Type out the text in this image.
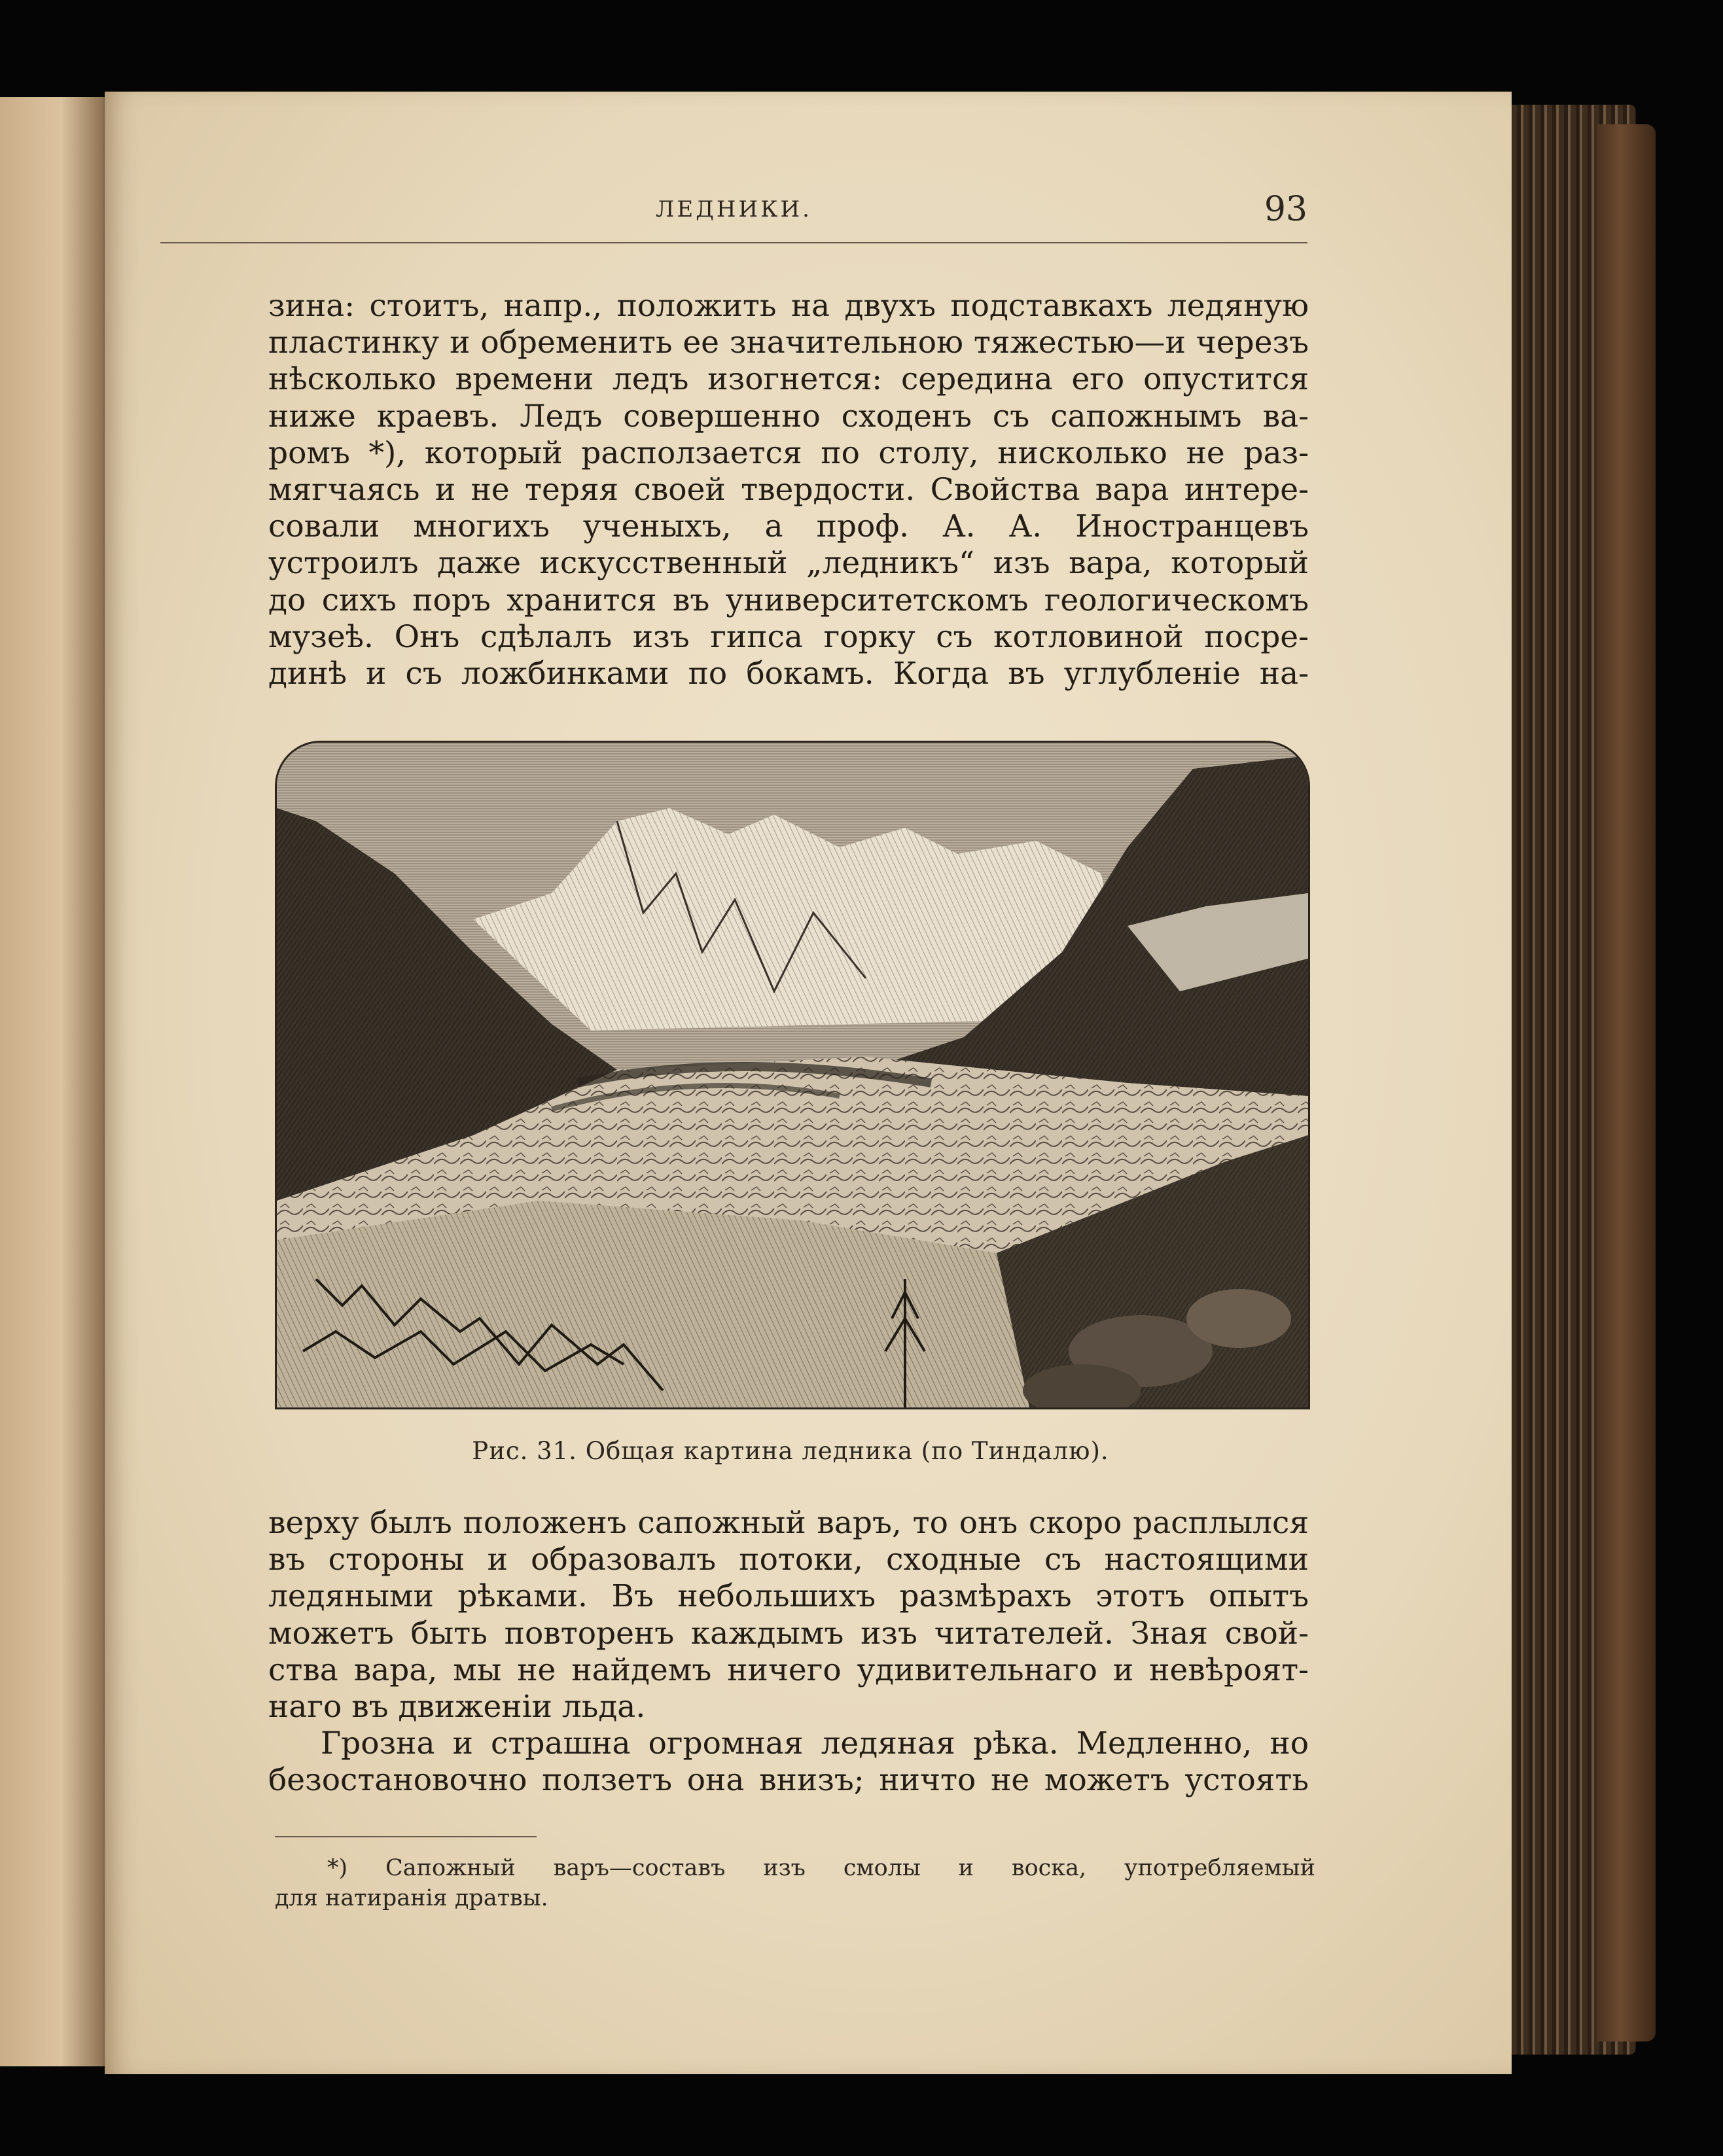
ЛЕДНИКИ.	93
зина: стоитъ, напр., положить на двухъ подставкахъ ледяную
пластинку и обременить ее значительною тяжестью—и черезъ
нѣсколько времени ледъ изогнется: середина его опустится
ниже краевъ. Ледъ совершенно сходенъ съ сапожнымъ ва-
ромъ *), который расползается по столу, нисколько не раз-
мягчаясь и не теряя своей твердости. Свойства вара интере-
совали многихъ ученыхъ, а проф. А. А. Иностранцевъ
устроилъ даже искусственный „ледникъ“ изъ вара, который
до сихъ поръ хранится въ университетскомъ геологическомъ
музеѣ. Онъ сдѣлалъ изъ гипса горку съ котловиной посре-
динѣ и съ ложбинками по бокамъ. Когда въ углубленіе на-
Рис. 31. Общая картина ледника (по Тиндалю).
верху былъ положенъ сапожный варъ, то онъ скоро расплылся
въ стороны и образовалъ потоки, сходные съ настоящими
ледяными рѣками. Въ небольшихъ размѣрахъ этотъ опытъ
можетъ быть повторенъ каждымъ изъ читателей. Зная свой-
ства вара, мы не найдемъ ничего удивительнаго и невѣроят-
наго въ движеніи льда.
Грозна и страшна огромная ледяная рѣка. Медленно, но
безостановочно ползетъ она внизъ; ничто не можетъ устоять
*) Сапожный варъ—составъ изъ смолы и воска, употребляемый
для натиранія дратвы.
